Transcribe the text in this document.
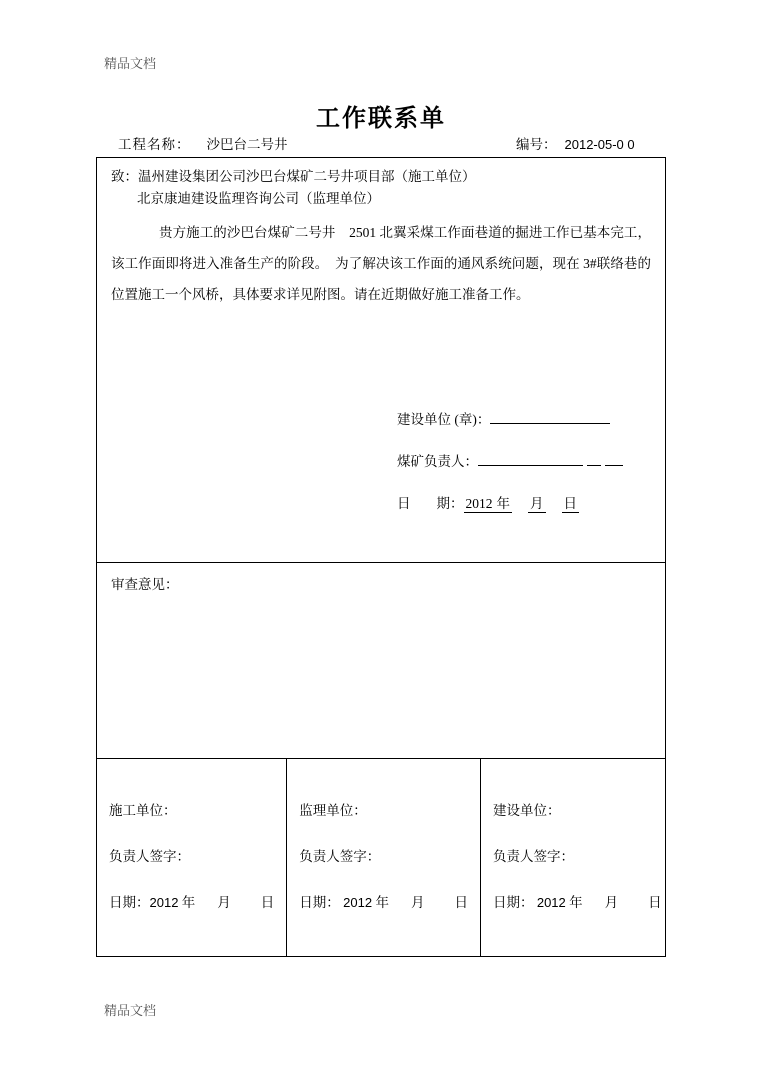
精品文档
工作联系单
工程名称： 沙巴台二号井	编号： 2012-05-0 0
致：温州建设集团公司沙巴台煤矿二号井项目部（施工单位）
北京康迪建设监理咨询公司（监理单位）
贵方施工的沙巴台煤矿二号井　2501 北翼采煤工作面巷道的掘进工作已基本完工，该工作面即将进入准备生产的阶段。　为了解决该工作面的通风系统问题，现在 3#联络巷的位置施工一个风桥，具体要求详见附图。请在近期做好施工准备工作。
建设单位 (章)：
煤矿负责人：
日 期： 2012 年 月 日
审查意见：
施工单位：
负责人签字：
日期：2012 年 月 日
监理单位：
负责人签字：
日期： 2012 年 月 日
建设单位：
负责人签字：
日期： 2012 年 月 日
精品文档
